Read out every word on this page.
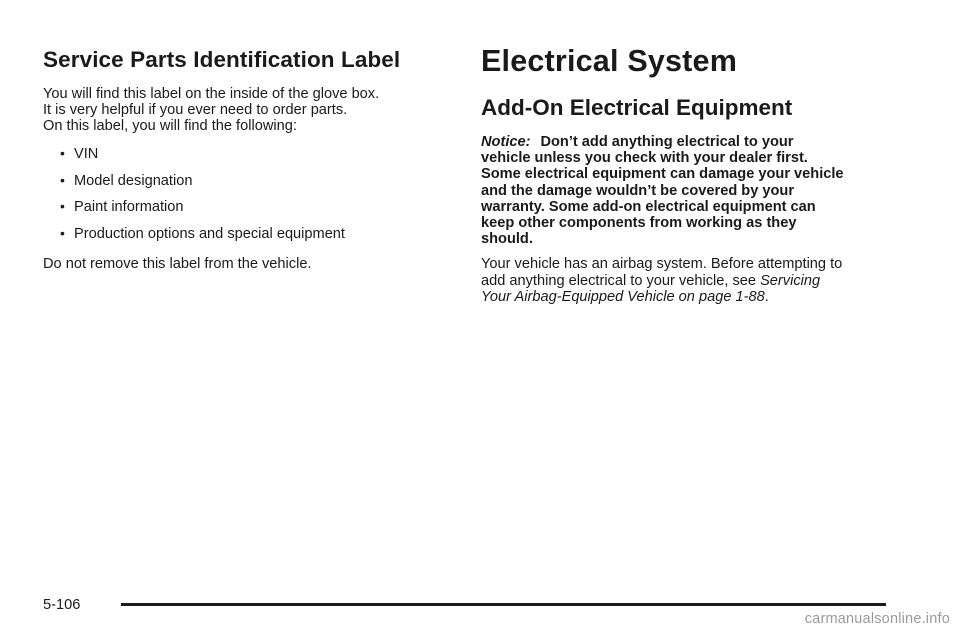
Service Parts Identification Label

You will find this label on the inside of the glove box.
It is very helpful if you ever need to order parts.
On this label, you will find the following:

• VIN
• Model designation
• Paint information
• Production options and special equipment

Do not remove this label from the vehicle.

Electrical System
Add-On Electrical Equipment

Notice: Don’t add anything electrical to your
vehicle unless you check with your dealer first.
Some electrical equipment can damage your vehicle
and the damage wouldn’t be covered by your
warranty. Some add-on electrical equipment can
keep other components from working as they
should.

Your vehicle has an airbag system. Before attempting to
add anything electrical to your vehicle, see Servicing
Your Airbag-Equipped Vehicle on page 1-88.

5-106
carmanualsonline.info
